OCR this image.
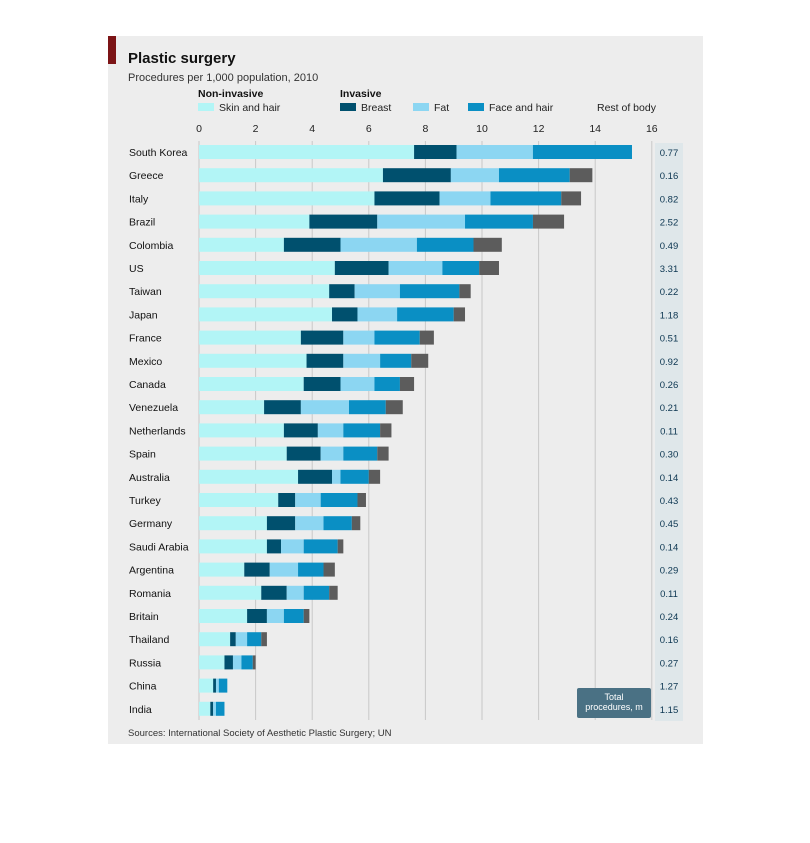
Plastic surgery
Procedures per 1,000 population, 2010
Sources: International Society of Aesthetic Plastic Surgery; UN
Non-invasive
Skin and hair
Invasive
Breast	Fat	Face and hair	Rest of body
0	2	4	6	8	10	12	14	16
South Korea	0.77
Greece	0.16
Italy	0.82
Brazil	2.52
Colombia	0.49
US	3.31
Taiwan	0.22
Japan	1.18
France	0.51
Mexico	0.92
Canada	0.26
Venezuela	0.21
Netherlands	0.11
Spain	0.30
Australia	0.14
Turkey	0.43
Germany	0.45
Saudi Arabia	0.14
Argentina	0.29
Romania	0.11
Britain	0.24
Thailand	0.16
Russia	0.27
China	1.27
India	1.15
Total procedures, m
